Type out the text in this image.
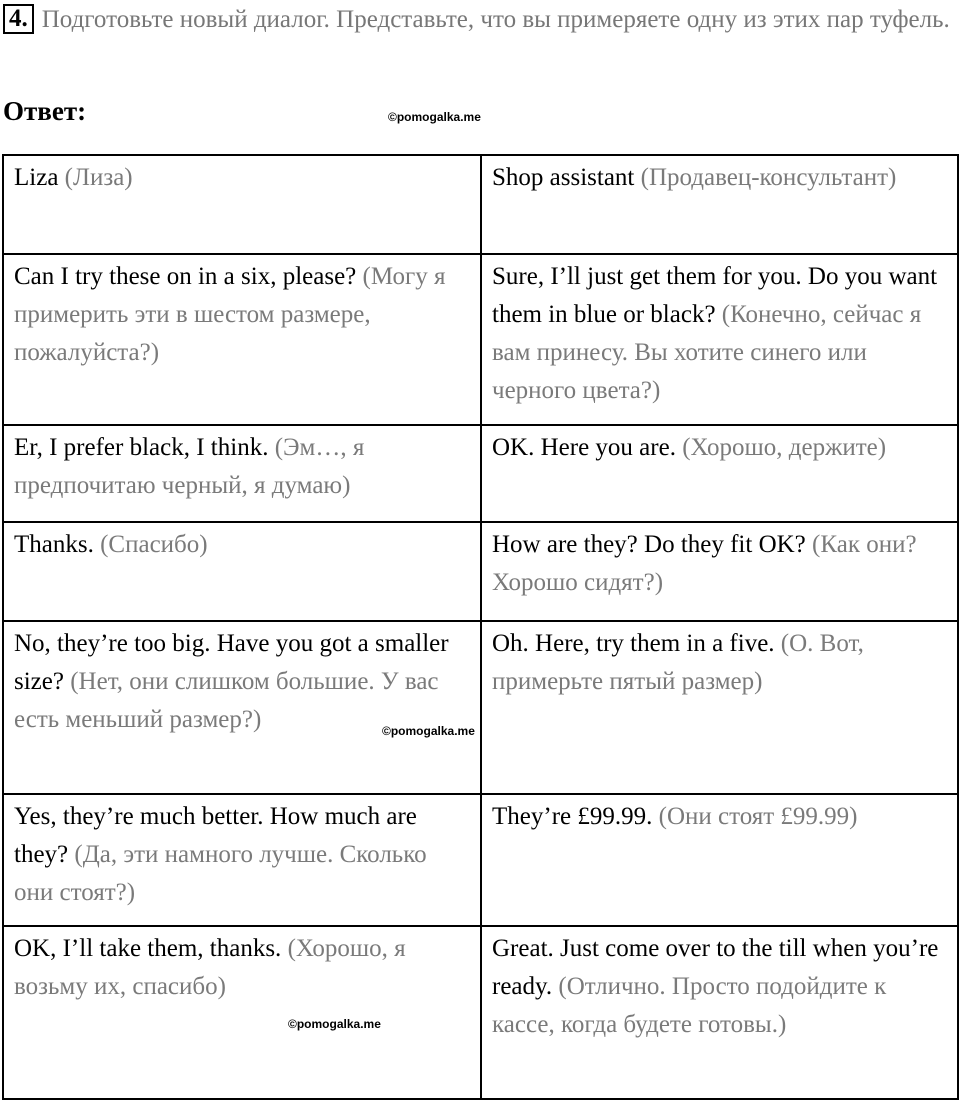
4. Подготовьте новый диалог. Представьте, что вы примеряете одну из этих пар туфель.
Ответ:	©pomogalka.me
Liza (Лиза)	Shop assistant (Продавец-консультант)
Can I try these on in a six, please? (Могу я примерить эти в шестом размере, пожалуйста?)	Sure, I’ll just get them for you. Do you want them in blue or black? (Конечно, сейчас я вам принесу. Вы хотите синего или черного цвета?)
Er, I prefer black, I think. (Эм…, я предпочитаю черный, я думаю)	OK. Here you are. (Хорошо, держите)
Thanks. (Спасибо)	How are they? Do they fit OK? (Как они? Хорошо сидят?)
No, they’re too big. Have you got a smaller size? (Нет, они слишком большие. У вас есть меньший размер?)	Oh. Here, try them in a five. (О. Вот, примерьте пятый размер)
Yes, they’re much better. How much are they? (Да, эти намного лучше. Сколько они стоят?)	They’re £99.99. (Они стоят £99.99)
OK, I’ll take them, thanks. (Хорошо, я возьму их, спасибо)	Great. Just come over to the till when you’re ready. (Отлично. Просто подойдите к кассе, когда будете готовы.)
©pomogalka.me
©pomogalka.me
